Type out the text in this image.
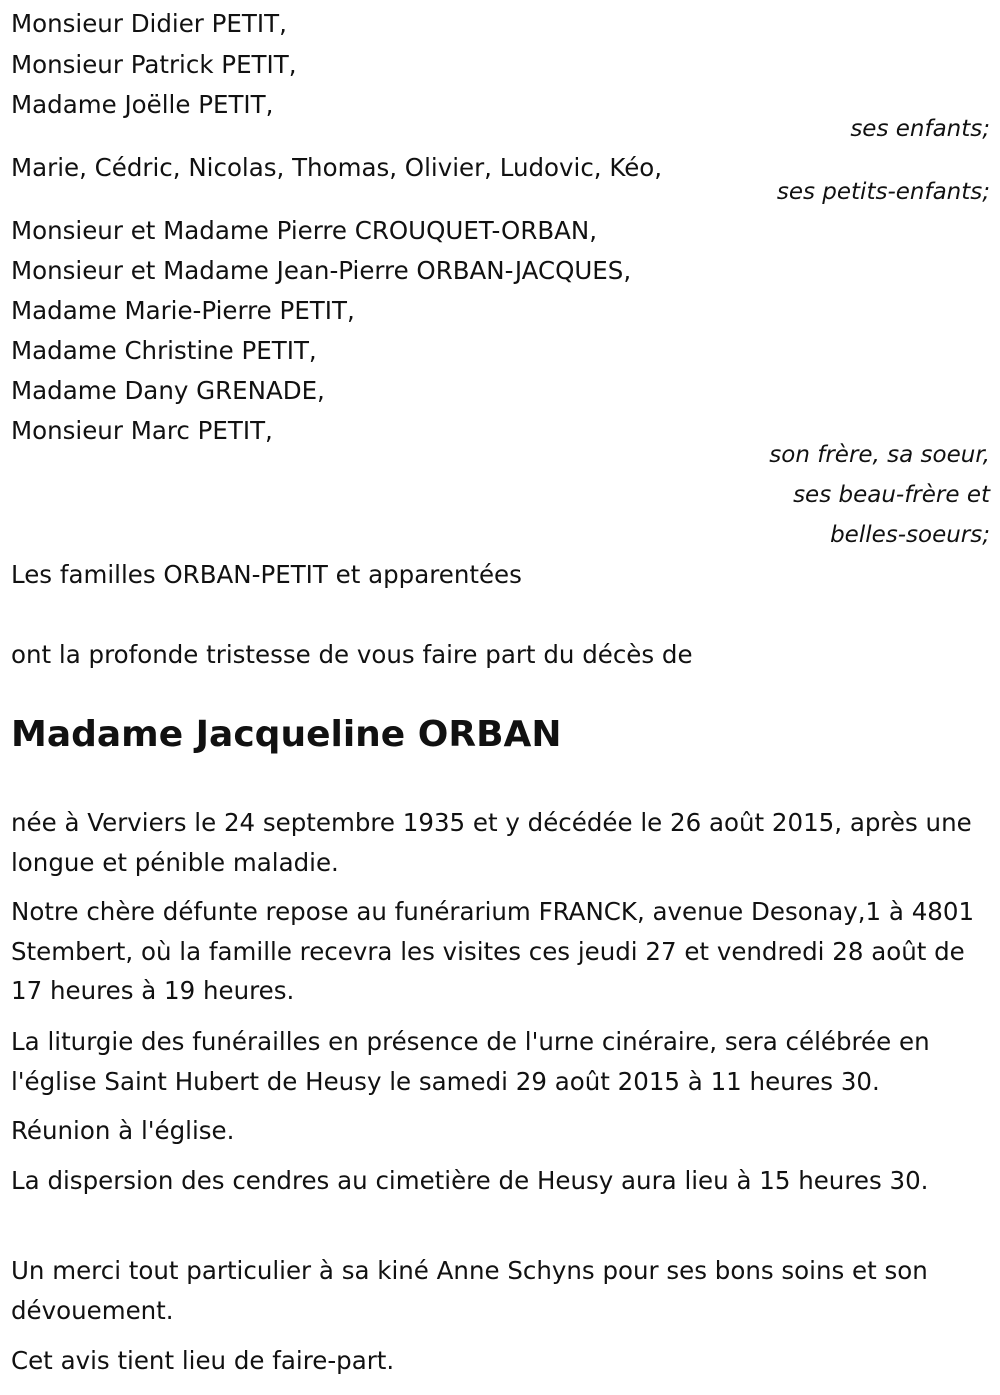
Monsieur Didier PETIT,
Monsieur Patrick PETIT,
Madame Joëlle PETIT,
ses enfants;
Marie, Cédric, Nicolas, Thomas, Olivier, Ludovic, Kéo,
ses petits-enfants;
Monsieur et Madame Pierre CROUQUET-ORBAN,
Monsieur et Madame Jean-Pierre ORBAN-JACQUES,
Madame Marie-Pierre PETIT,
Madame Christine PETIT,
Madame Dany GRENADE,
Monsieur Marc PETIT,
son frère, sa soeur,
ses beau-frère et
belles-soeurs;
Les familles ORBAN-PETIT et apparentées
ont la profonde tristesse de vous faire part du décès de
Madame Jacqueline ORBAN
née à Verviers le 24 septembre 1935 et y décédée le 26 août 2015, après une longue et pénible maladie.
Notre chère défunte repose au funérarium FRANCK, avenue Desonay,1 à 4801 Stembert, où la famille recevra les visites ces jeudi 27 et vendredi 28 août de 17 heures à 19 heures.
La liturgie des funérailles en présence de l'urne cinéraire, sera célébrée en l'église Saint Hubert de Heusy le samedi 29 août 2015 à 11 heures 30.
Réunion à l'église.
La dispersion des cendres au cimetière de Heusy aura lieu à 15 heures 30.
Un merci tout particulier à sa kiné Anne Schyns pour ses bons soins et son dévouement.
Cet avis tient lieu de faire-part.
